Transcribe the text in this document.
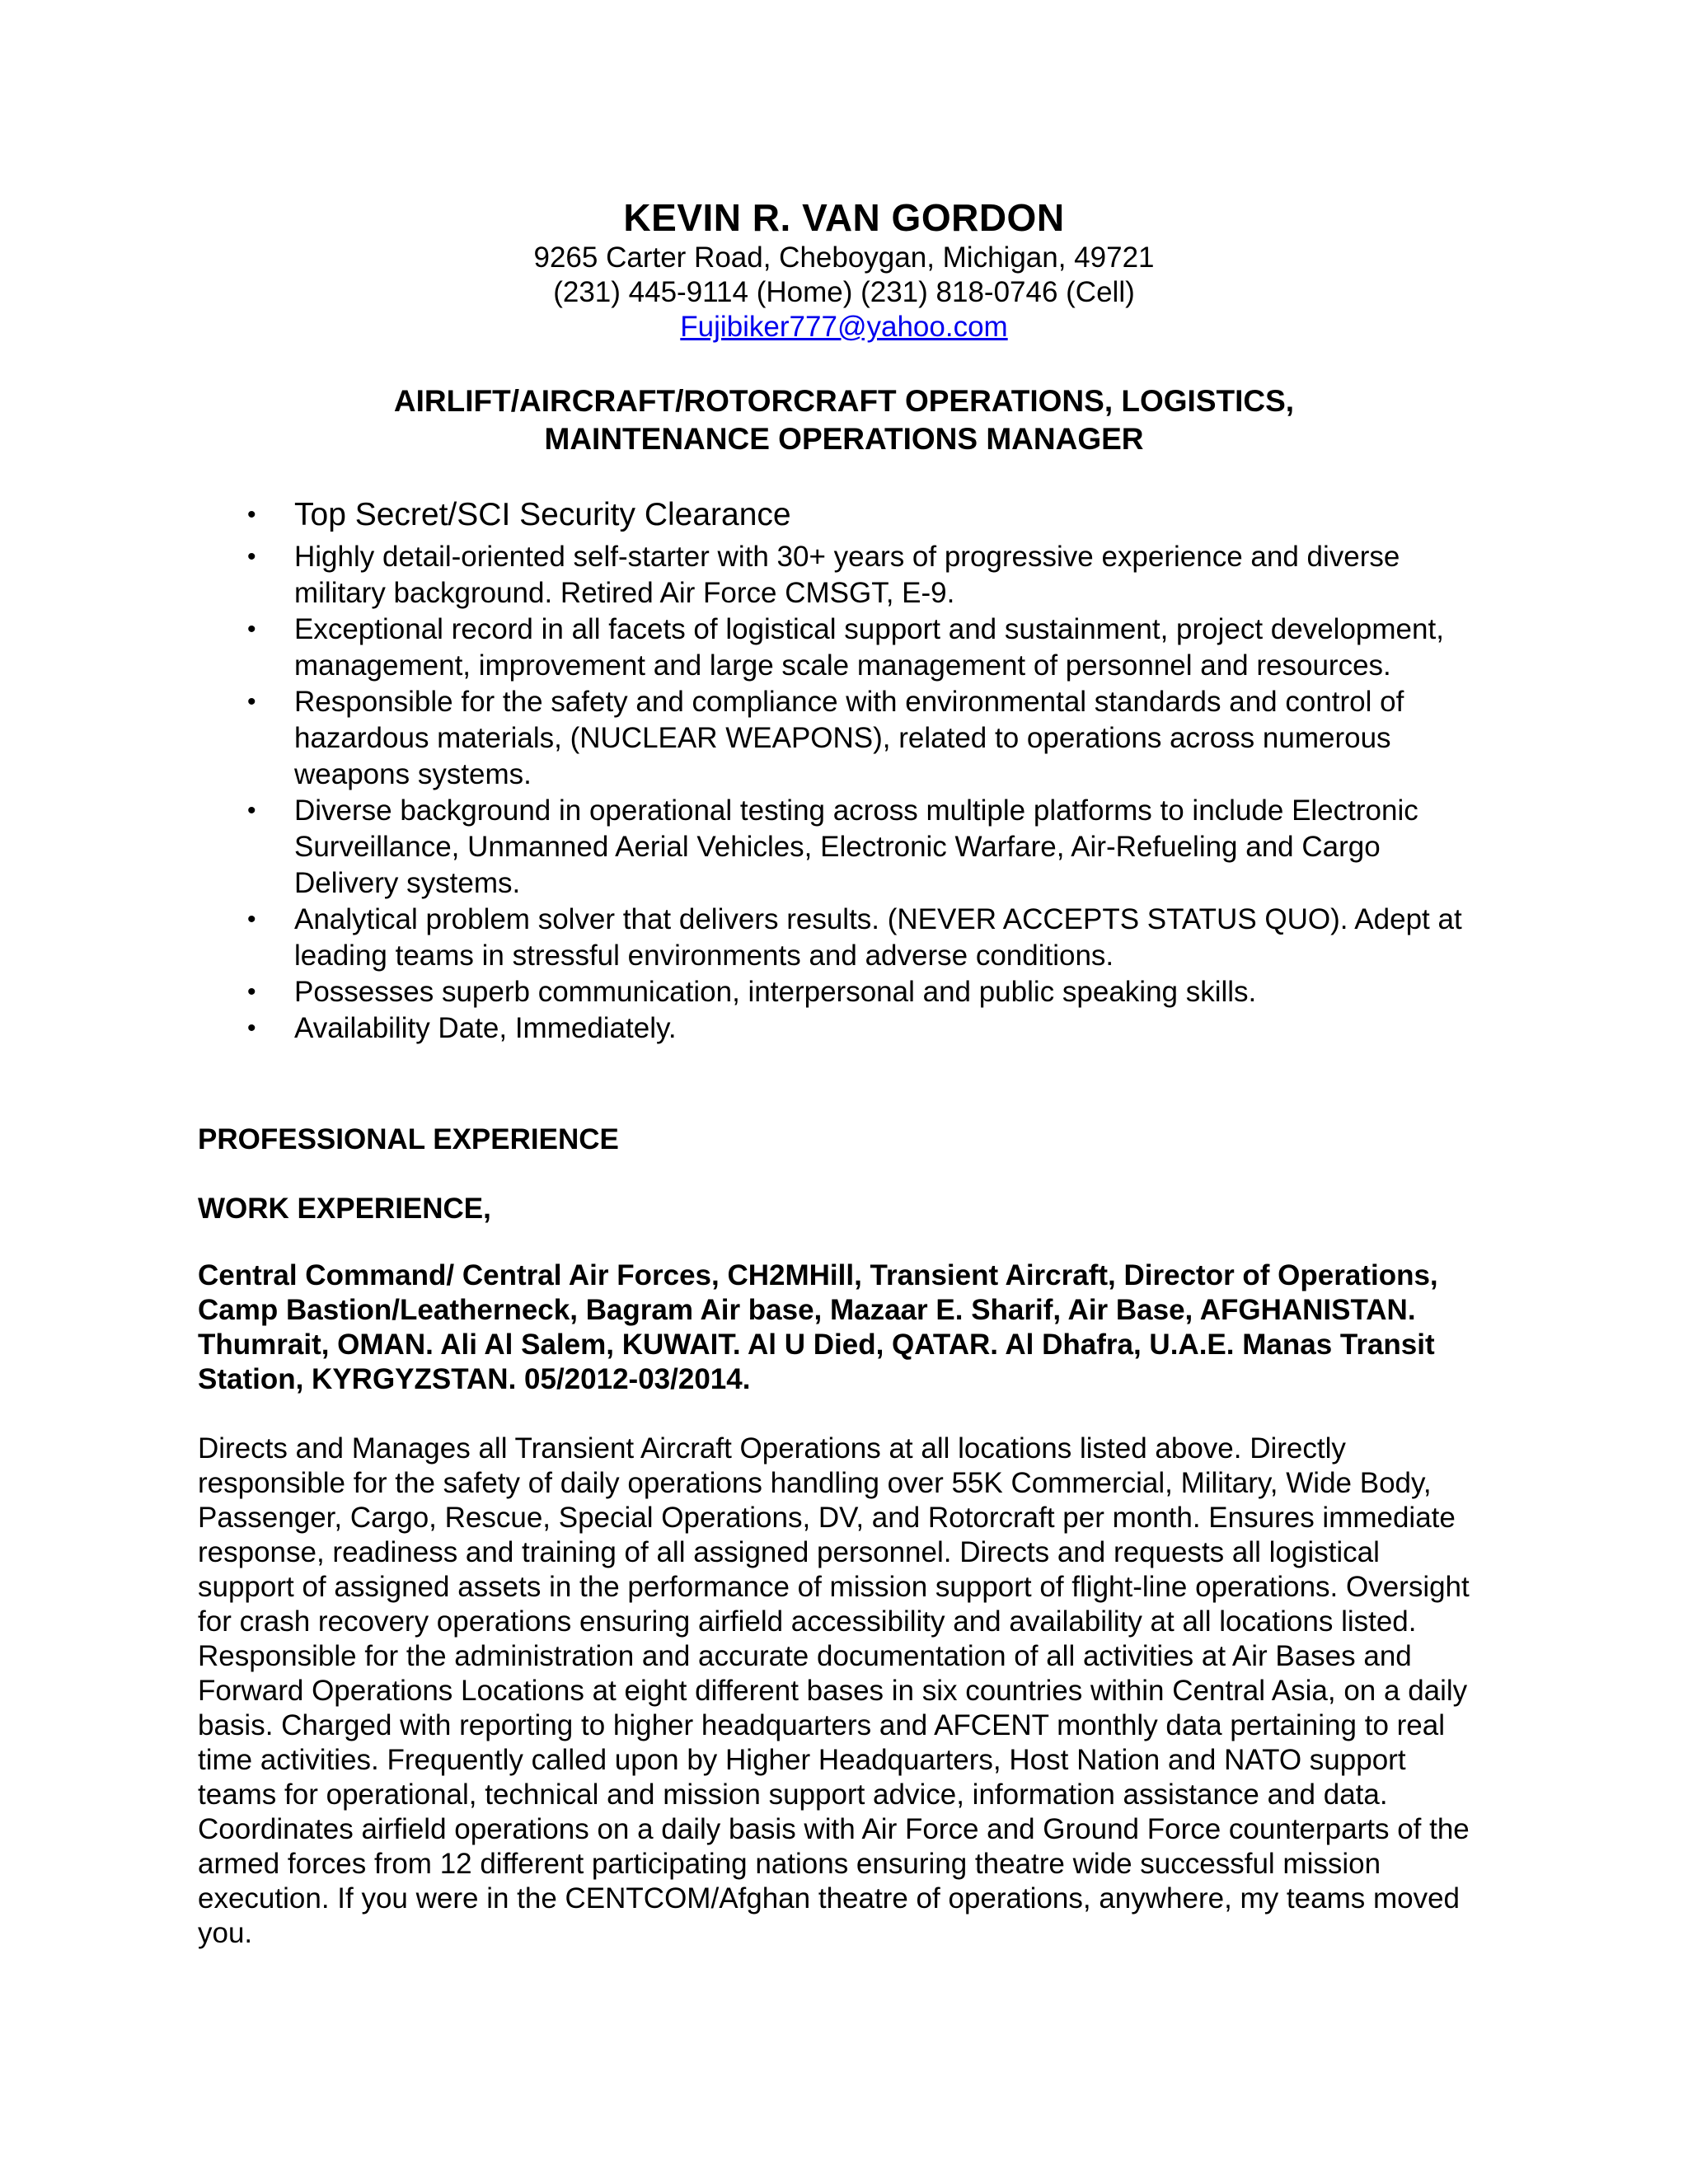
KEVIN R. VAN GORDON
9265 Carter Road, Cheboygan, Michigan, 49721
(231) 445-9114 (Home) (231) 818-0746 (Cell)
Fujibiker777@yahoo.com
AIRLIFT/AIRCRAFT/ROTORCRAFT OPERATIONS, LOGISTICS,
MAINTENANCE OPERATIONS MANAGER
• Top Secret/SCI Security Clearance
• Highly detail-oriented self-starter with 30+ years of progressive experience and diverse military background. Retired Air Force CMSGT, E-9.
• Exceptional record in all facets of logistical support and sustainment, project development, management, improvement and large scale management of personnel and resources.
• Responsible for the safety and compliance with environmental standards and control of hazardous materials, (NUCLEAR WEAPONS), related to operations across numerous weapons systems.
• Diverse background in operational testing across multiple platforms to include Electronic Surveillance, Unmanned Aerial Vehicles, Electronic Warfare, Air-Refueling and Cargo Delivery systems.
• Analytical problem solver that delivers results. (NEVER ACCEPTS STATUS QUO). Adept at leading teams in stressful environments and adverse conditions.
• Possesses superb communication, interpersonal and public speaking skills.
• Availability Date, Immediately.
PROFESSIONAL EXPERIENCE
WORK EXPERIENCE,

Central Command/ Central Air Forces, CH2MHill, Transient Aircraft, Director of Operations, Camp Bastion/Leatherneck, Bagram Air base, Mazaar E. Sharif, Air Base, AFGHANISTAN. Thumrait, OMAN. Ali Al Salem, KUWAIT. Al U Died, QATAR. Al Dhafra, U.A.E. Manas Transit Station, KYRGYZSTAN. 05/2012-03/2014.

Directs and Manages all Transient Aircraft Operations at all locations listed above. Directly responsible for the safety of daily operations handling over 55K Commercial, Military, Wide Body, Passenger, Cargo, Rescue, Special Operations, DV, and Rotorcraft per month. Ensures immediate response, readiness and training of all assigned personnel. Directs and requests all logistical support of assigned assets in the performance of mission support of flight-line operations. Oversight for crash recovery operations ensuring airfield accessibility and availability at all locations listed. Responsible for the administration and accurate documentation of all activities at Air Bases and Forward Operations Locations at eight different bases in six countries within Central Asia, on a daily basis. Charged with reporting to higher headquarters and AFCENT monthly data pertaining to real time activities. Frequently called upon by Higher Headquarters, Host Nation and NATO support teams for operational, technical and mission support advice, information assistance and data. Coordinates airfield operations on a daily basis with Air Force and Ground Force counterparts of the armed forces from 12 different participating nations ensuring theatre wide successful mission execution. If you were in the CENTCOM/Afghan theatre of operations, anywhere, my teams moved you.
